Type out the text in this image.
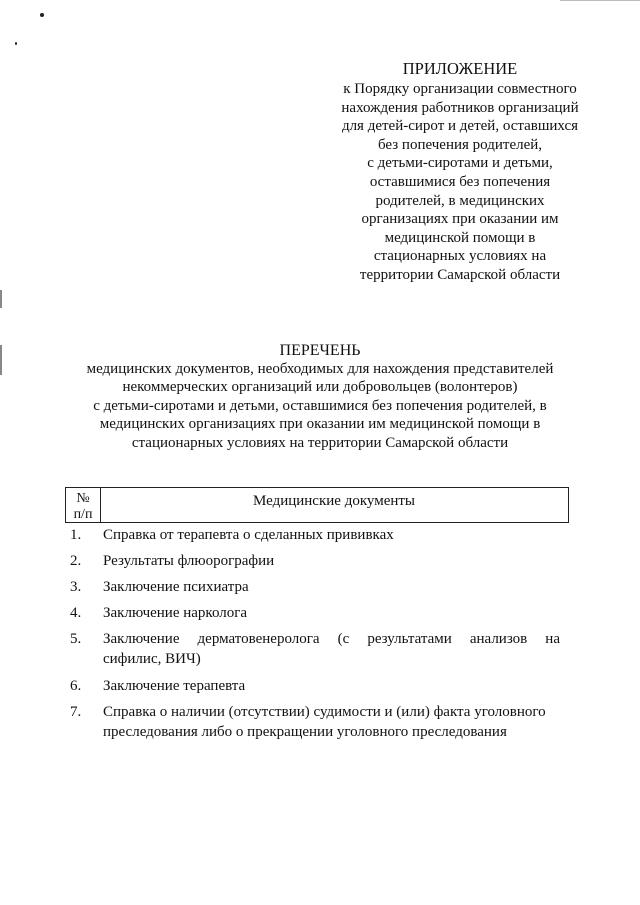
ПРИЛОЖЕНИЕ
к Порядку организации совместного
нахождения работников организаций
для детей-сирот и детей, оставшихся
без попечения родителей,
с детьми-сиротами и детьми,
оставшимися без попечения
родителей, в медицинских
организациях при оказании им
медицинской помощи в
стационарных условиях на
территории Самарской области
ПЕРЕЧЕНЬ
медицинских документов, необходимых для нахождения представителей
некоммерческих организаций или добровольцев (волонтеров)
с детьми-сиротами и детьми, оставшимися без попечения родителей, в
медицинских организациях при оказании им медицинской помощи в
стационарных условиях на территории Самарской области
№
п/п
Медицинские документы
1. Справка от терапевта о сделанных прививках
2. Результаты флюорографии
3. Заключение психиатра
4. Заключение нарколога
5. Заключение дерматовенеролога (с результатами анализов на
сифилис, ВИЧ)
6. Заключение терапевта
7. Справка о наличии (отсутствии) судимости и (или) факта уголовного
преследования либо о прекращении уголовного преследования
